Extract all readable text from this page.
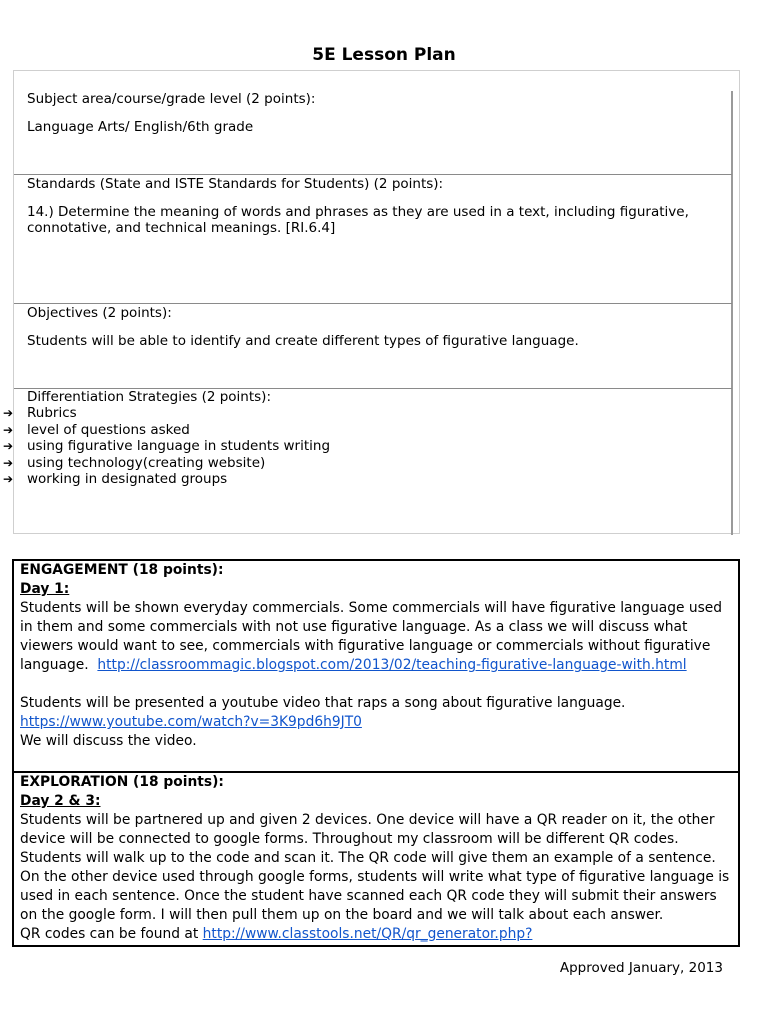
5E Lesson Plan
Subject area/course/grade level (2 points):
Language Arts/ English/6th grade
Standards (State and ISTE Standards for Students) (2 points):
14.) Determine the meaning of words and phrases as they are used in a text, including figurative,
connotative, and technical meanings. [RI.6.4]
Objectives (2 points):
Students will be able to identify and create different types of figurative language.
Differentiation Strategies (2 points):
➔ Rubrics
➔ level of questions asked
➔ using figurative language in students writing
➔ using technology(creating website)
➔ working in designated groups

ENGAGEMENT (18 points):

Day 1:

Students will be shown everyday commercials. Some commercials will have figurative language used

in them and some commercials with not use figurative language. As a class we will discuss what

viewers would want to see, commercials with figurative language or commercials without figurative

language.  http://classroommagic.blogspot.com/2013/02/teaching-figurative-language-with.html

Students will be presented a youtube video that raps a song about figurative language.

https://www.youtube.com/watch?v=3K9pd6h9JT0

We will discuss the video.

EXPLORATION (18 points):

Day 2 & 3:

Students will be partnered up and given 2 devices. One device will have a QR reader on it, the other

device will be connected to google forms. Throughout my classroom will be different QR codes.

Students will walk up to the code and scan it. The QR code will give them an example of a sentence.

On the other device used through google forms, students will write what type of figurative language is

used in each sentence. Once the student have scanned each QR code they will submit their answers

on the google form. I will then pull them up on the board and we will talk about each answer.

QR codes can be found at http://www.classtools.net/QR/qr_generator.php?

Approved January, 2013
